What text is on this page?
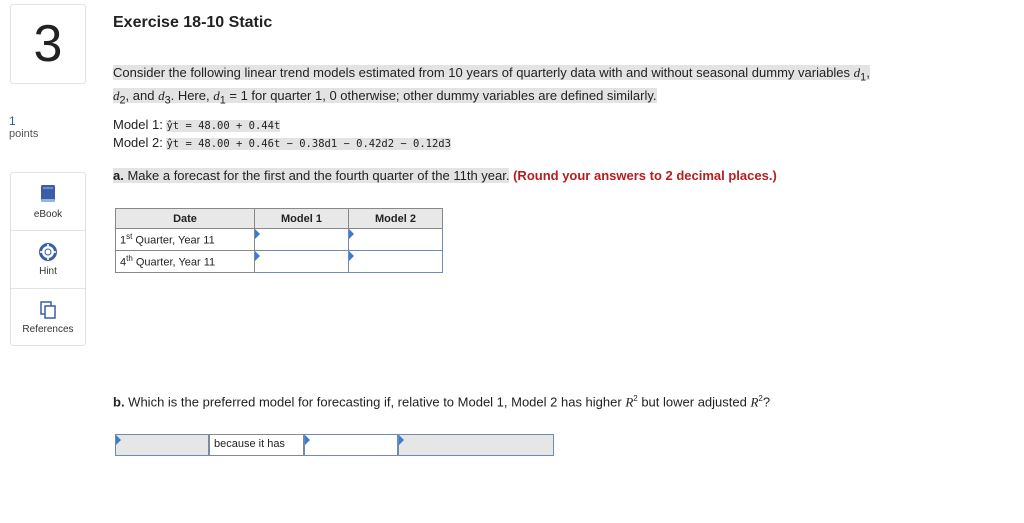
3
1
points
eBook
Hint
References
Exercise 18-10 Static
Consider the following linear trend models estimated from 10 years of quarterly data with and without seasonal dummy variables $d_1$,
$d_2$, and $d_3$. Here, $d_1 = 1$ for quarter 1, 0 otherwise; other dummy variables are defined similarly.
Model 1: ŷt = 48.00 + 0.44t
Model 2: ŷt = 48.00 + 0.46t − 0.38d1 − 0.42d2 − 0.12d3
a. Make a forecast for the first and the fourth quarter of the 11th year. (Round your answers to 2 decimal places.)
Date	Model 1	Model 2
1st Quarter, Year 11	

4th Quarter, Year 11	

b. Which is the preferred model for forecasting if, relative to Model 1, Model 2 has higher $R^2$ but lower adjusted $R^2$?
because it has
